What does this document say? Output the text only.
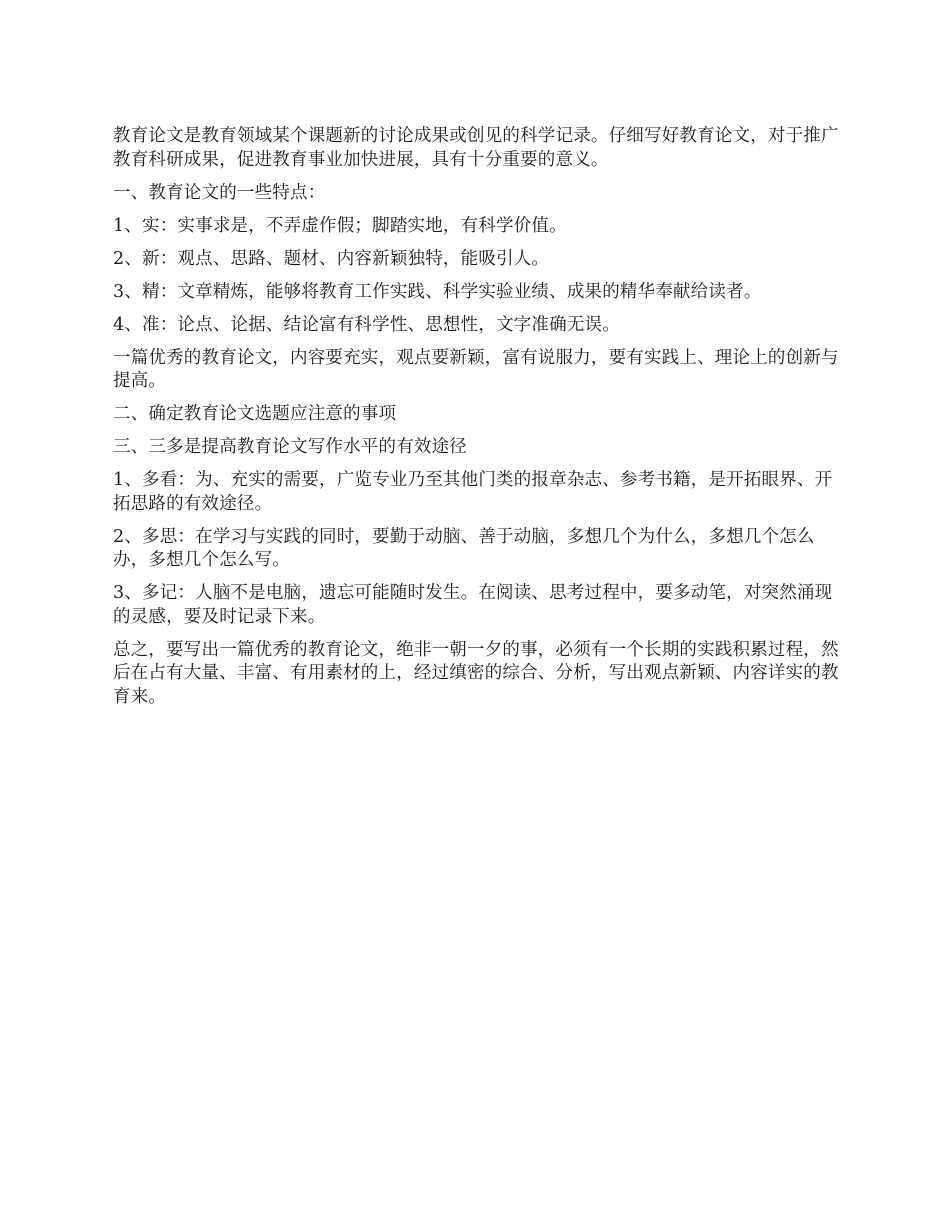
教育论文是教育领域某个课题新的讨论成果或创见的科学记录。仔细写好教育论文，对于推广教育科研成果，促进教育事业加快进展，具有十分重要的意义。

一、教育论文的一些特点：

1、实：实事求是，不弄虚作假；脚踏实地，有科学价值。

2、新：观点、思路、题材、内容新颖独特，能吸引人。

3、精：文章精炼，能够将教育工作实践、科学实验业绩、成果的精华奉献给读者。

4、准：论点、论据、结论富有科学性、思想性，文字准确无误。

一篇优秀的教育论文，内容要充实，观点要新颖，富有说服力，要有实践上、理论上的创新与提高。

二、确定教育论文选题应注意的事项

三、三多是提高教育论文写作水平的有效途径

1、多看：为、充实的需要，广览专业乃至其他门类的报章杂志、参考书籍，是开拓眼界、开拓思路的有效途径。

2、多思：在学习与实践的同时，要勤于动脑、善于动脑，多想几个为什么，多想几个怎么办，多想几个怎么写。

3、多记：人脑不是电脑，遗忘可能随时发生。在阅读、思考过程中，要多动笔，对突然涌现的灵感，要及时记录下来。

总之，要写出一篇优秀的教育论文，绝非一朝一夕的事，必须有一个长期的实践积累过程，然后在占有大量、丰富、有用素材的上，经过缜密的综合、分析，写出观点新颖、内容详实的教育来。
